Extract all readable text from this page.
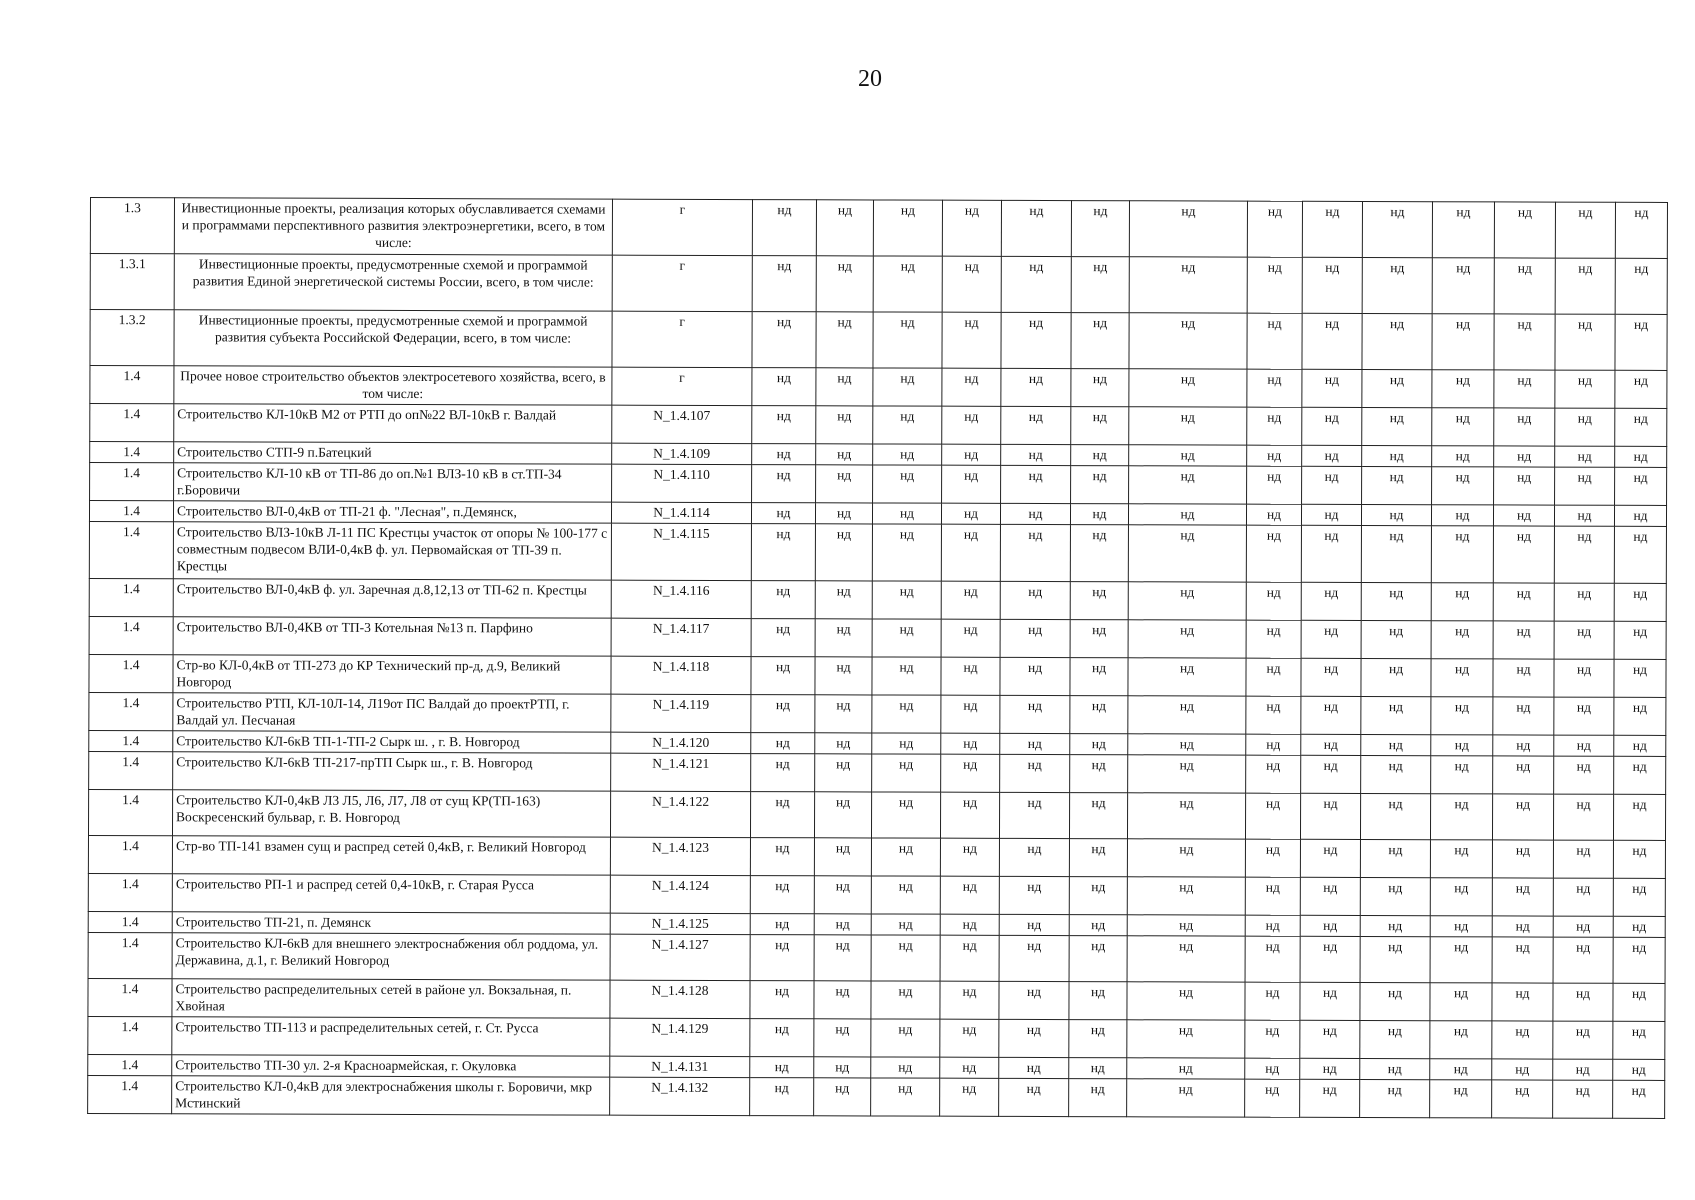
20
1.3	Инвестиционные проекты, реализация которых обуславливается схемами и программами перспективного развития электроэнергетики, всего, в том числе:	г	нд	нд	нд	нд	нд	нд	нд	нд	нд	нд	нд	нд	нд	нд
1.3.1	Инвестиционные проекты, предусмотренные схемой и программой развития Единой энергетической системы России, всего, в том числе:	г	нд	нд	нд	нд	нд	нд	нд	нд	нд	нд	нд	нд	нд	нд
1.3.2	Инвестиционные проекты, предусмотренные схемой и программой развития субъекта Российской Федерации, всего, в том числе:	г	нд	нд	нд	нд	нд	нд	нд	нд	нд	нд	нд	нд	нд	нд
1.4	Прочее новое строительство объектов электросетевого хозяйства, всего, в том числе:	г	нд	нд	нд	нд	нд	нд	нд	нд	нд	нд	нд	нд	нд	нд
1.4	Строительство КЛ-10кВ М2 от РТП до оп№22 ВЛ-10кВ г. Валдай	N_1.4.107	нд	нд	нд	нд	нд	нд	нд	нд	нд	нд	нд	нд	нд	нд
1.4	Строительство СТП-9 п.Батецкий	N_1.4.109	нд	нд	нд	нд	нд	нд	нд	нд	нд	нд	нд	нд	нд	нд
1.4	Строительство КЛ-10 кВ от ТП-86 до оп.№1 ВЛЗ-10 кВ в ст.ТП-34 г.Боровичи	N_1.4.110	нд	нд	нд	нд	нд	нд	нд	нд	нд	нд	нд	нд	нд	нд
1.4	Строительство ВЛ-0,4кВ от ТП-21 ф. "Лесная", п.Демянск,	N_1.4.114	нд	нд	нд	нд	нд	нд	нд	нд	нд	нд	нд	нд	нд	нд
1.4	Строительство ВЛЗ-10кВ Л-11 ПС Крестцы участок от опоры № 100-177 с совместным подвесом ВЛИ-0,4кВ ф. ул. Первомайская от ТП-39 п. Крестцы	N_1.4.115	нд	нд	нд	нд	нд	нд	нд	нд	нд	нд	нд	нд	нд	нд
1.4	Строительство ВЛ-0,4кВ ф. ул. Заречная д.8,12,13 от ТП-62 п. Крестцы	N_1.4.116	нд	нд	нд	нд	нд	нд	нд	нд	нд	нд	нд	нд	нд	нд
1.4	Строительство ВЛ-0,4КВ от ТП-3 Котельная №13 п. Парфино	N_1.4.117	нд	нд	нд	нд	нд	нд	нд	нд	нд	нд	нд	нд	нд	нд
1.4	Стр-во КЛ-0,4кВ от ТП-273 до КР Технический пр-д, д.9, Великий Новгород	N_1.4.118	нд	нд	нд	нд	нд	нд	нд	нд	нд	нд	нд	нд	нд	нд
1.4	Строительство РТП, КЛ-10Л-14, Л19от ПС Валдай до проектРТП, г. Валдай ул. Песчаная	N_1.4.119	нд	нд	нд	нд	нд	нд	нд	нд	нд	нд	нд	нд	нд	нд
1.4	Строительство КЛ-6кВ ТП-1-ТП-2 Сырк ш. , г. В. Новгород	N_1.4.120	нд	нд	нд	нд	нд	нд	нд	нд	нд	нд	нд	нд	нд	нд
1.4	Строительство КЛ-6кВ ТП-217-прТП Сырк ш., г. В. Новгород	N_1.4.121	нд	нд	нд	нд	нд	нд	нд	нд	нд	нд	нд	нд	нд	нд
1.4	Строительство КЛ-0,4кВ Л3 Л5, Л6, Л7, Л8 от сущ КР(ТП-163) Воскресенский бульвар, г. В. Новгород	N_1.4.122	нд	нд	нд	нд	нд	нд	нд	нд	нд	нд	нд	нд	нд	нд
1.4	Стр-во ТП-141 взамен сущ и распред сетей 0,4кВ, г. Великий Новгород	N_1.4.123	нд	нд	нд	нд	нд	нд	нд	нд	нд	нд	нд	нд	нд	нд
1.4	Строительство РП-1 и распред сетей 0,4-10кВ, г. Старая Русса	N_1.4.124	нд	нд	нд	нд	нд	нд	нд	нд	нд	нд	нд	нд	нд	нд
1.4	Строительство ТП-21, п. Демянск	N_1.4.125	нд	нд	нд	нд	нд	нд	нд	нд	нд	нд	нд	нд	нд	нд
1.4	Строительство КЛ-6кВ для внешнего электроснабжения обл роддома, ул. Державина, д.1, г. Великий Новгород	N_1.4.127	нд	нд	нд	нд	нд	нд	нд	нд	нд	нд	нд	нд	нд	нд
1.4	Строительство распределительных сетей в районе ул. Вокзальная, п. Хвойная	N_1.4.128	нд	нд	нд	нд	нд	нд	нд	нд	нд	нд	нд	нд	нд	нд
1.4	Строительство ТП-113 и распределительных сетей, г. Ст. Русса	N_1.4.129	нд	нд	нд	нд	нд	нд	нд	нд	нд	нд	нд	нд	нд	нд
1.4	Строительство ТП-30 ул. 2-я Красноармейская, г. Окуловка	N_1.4.131	нд	нд	нд	нд	нд	нд	нд	нд	нд	нд	нд	нд	нд	нд
1.4	Строительство КЛ-0,4кВ для электроснабжения школы г. Боровичи, мкр Мстинский	N_1.4.132	нд	нд	нд	нд	нд	нд	нд	нд	нд	нд	нд	нд	нд	нд
